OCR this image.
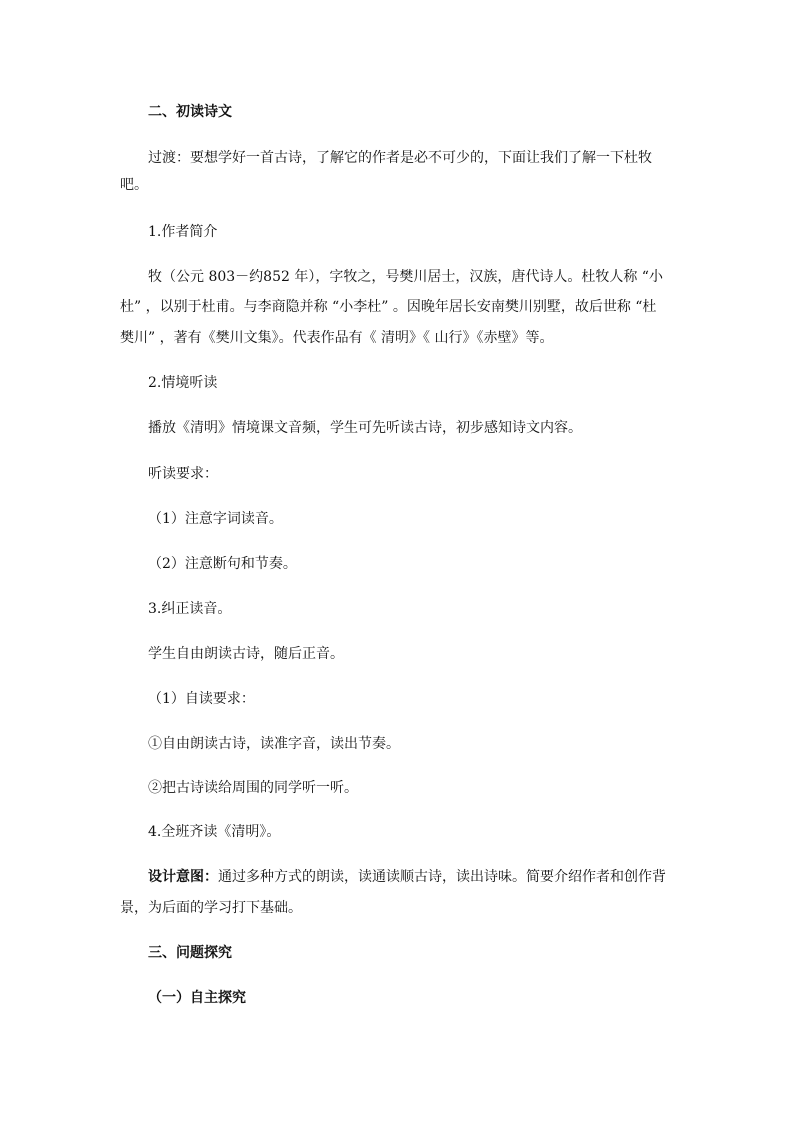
二、初读诗文

过渡：要想学好一首古诗，了解它的作者是必不可少的，下面让我们了解一下杜牧

吧。

1.作者简介

牧（公元 803－约852 年），字牧之，号樊川居士，汉族，唐代诗人。杜牧人称 “小

杜” ，以别于杜甫。与李商隐并称 “小李杜” 。因晚年居长安南樊川别墅，故后世称 “杜

樊川” ，著有《樊川文集》。代表作品有《 清明》《 山行》《赤壁》等。

2.情境听读

播放《清明》情境课文音频，学生可先听读古诗，初步感知诗文内容。

听读要求：

（1）注意字词读音。

（2）注意断句和节奏。

3.纠正读音。

学生自由朗读古诗，随后正音。

（1）自读要求：

①自由朗读古诗，读准字音，读出节奏。

②把古诗读给周围的同学听一听。

4.全班齐读《清明》。

设计意图：通过多种方式的朗读，读通读顺古诗，读出诗味。简要介绍作者和创作背

景，为后面的学习打下基础。

三、问题探究

（一）自主探究
